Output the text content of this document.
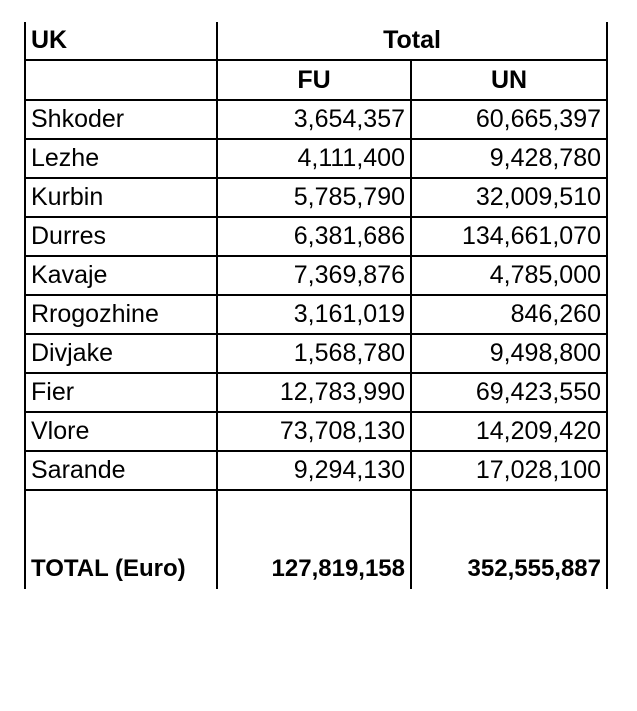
UK	Total	
	FU	UN
Shkoder	3,654,357	60,665,397
Lezhe	4,111,400	9,428,780
Kurbin	5,785,790	32,009,510
Durres	6,381,686	134,661,070
Kavaje	7,369,876	4,785,000
Rrogozhine	3,161,019	846,260
Divjake	1,568,780	9,498,800
Fier	12,783,990	69,423,550
Vlore	73,708,130	14,209,420
Sarande	9,294,130	17,028,100
TOTAL (Euro)	127,819,158	352,555,887
